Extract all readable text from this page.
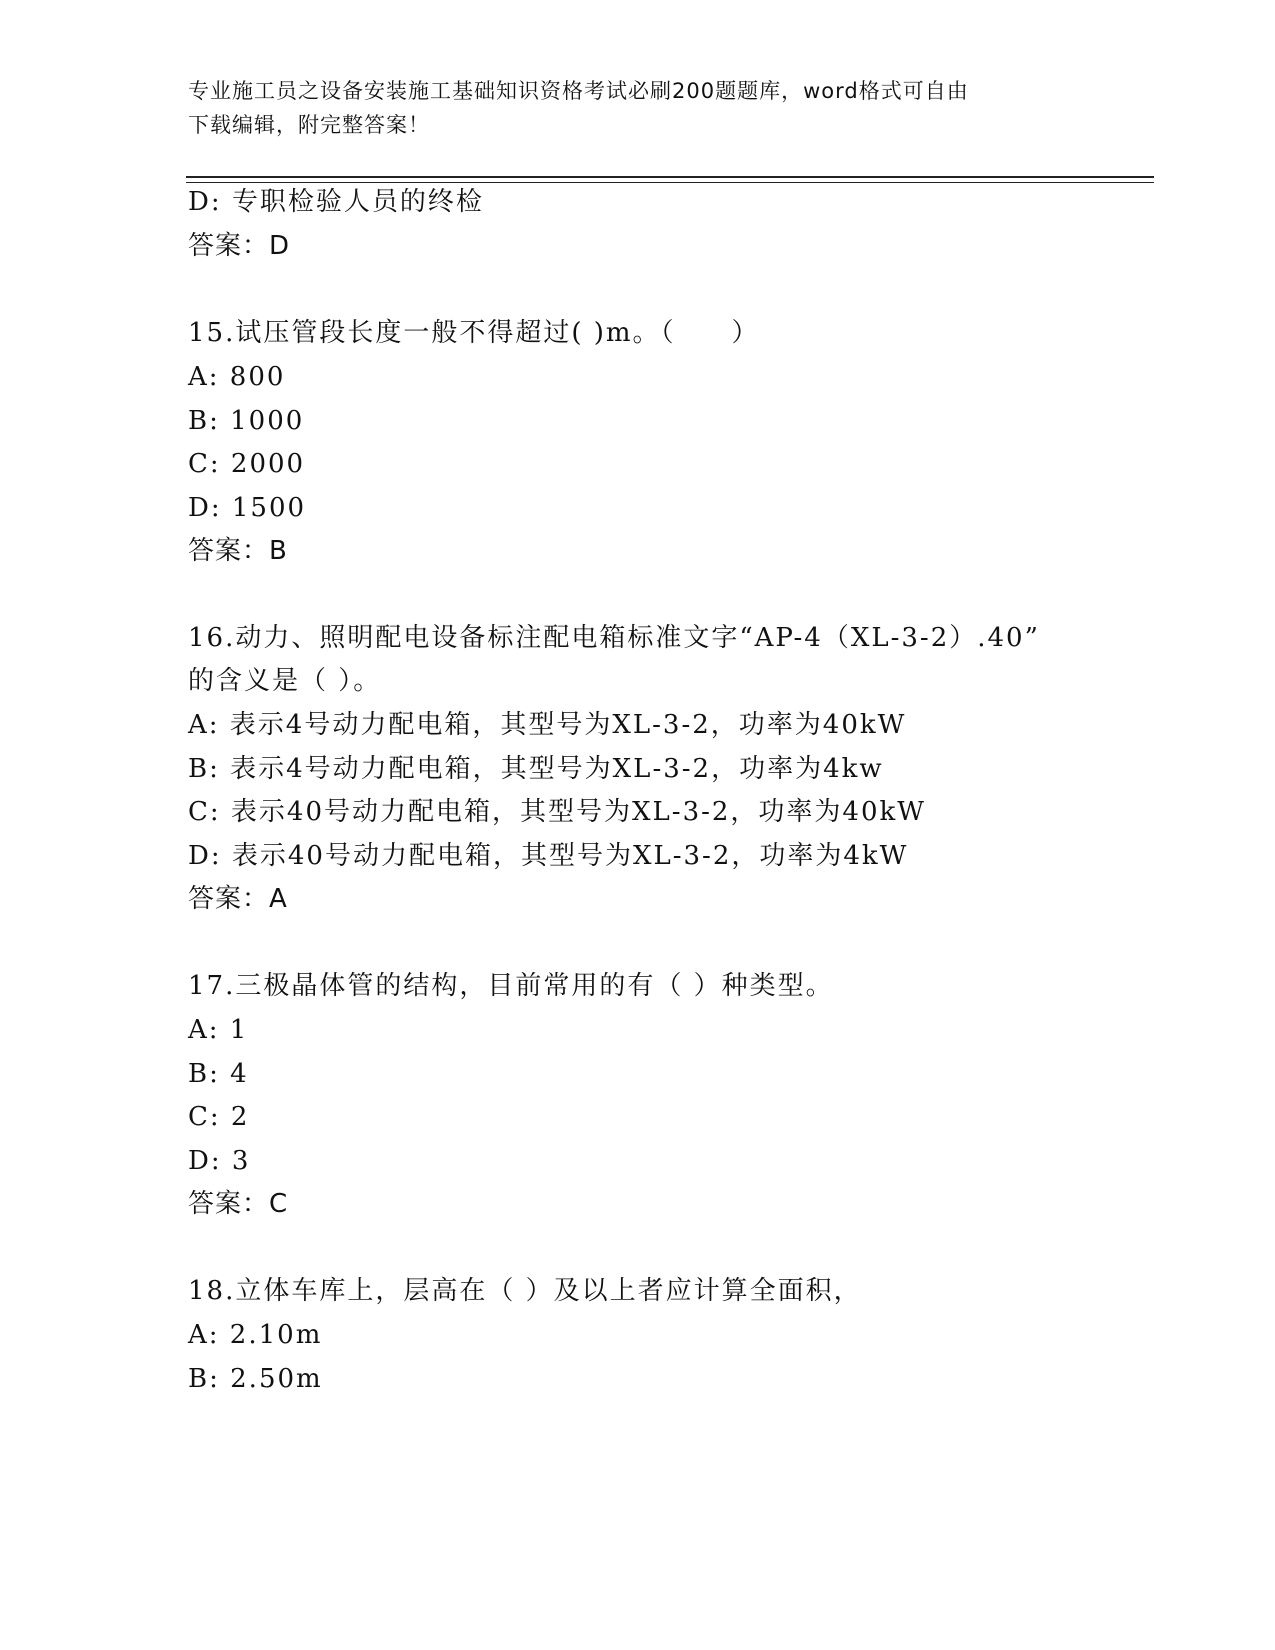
专业施工员之设备安装施工基础知识资格考试必刷200题题库，word格式可自由
下载编辑，附完整答案！
D: 专职检验人员的终检
答案：D
15.试压管段长度一般不得超过( )m。（　　）
A: 800
B: 1000
C: 2000
D: 1500
答案：B
16.动力、照明配电设备标注配电箱标准文字“AP-4（XL-3-2）.40”
的含义是（ ）。
A: 表示4号动力配电箱，其型号为XL-3-2，功率为40kW
B: 表示4号动力配电箱，其型号为XL-3-2，功率为4kw
C: 表示40号动力配电箱，其型号为XL-3-2，功率为40kW
D: 表示40号动力配电箱，其型号为XL-3-2，功率为4kW
答案：A
17.三极晶体管的结构，目前常用的有（ ）种类型。
A: 1
B: 4
C: 2
D: 3
答案：C
18.立体车库上，层高在（ ）及以上者应计算全面积，
A: 2.10m
B: 2.50m
